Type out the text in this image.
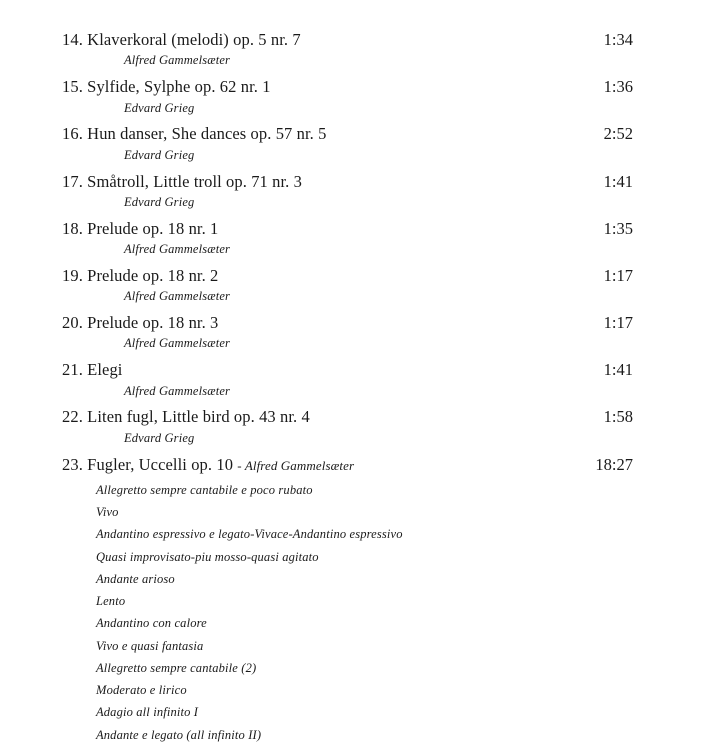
14. Klaverkoral (melodi) op. 5 nr. 7	1:34
Alfred Gammelsæter
15. Sylfide, Sylphe op. 62 nr. 1	1:36
Edvard Grieg
16. Hun danser, She dances op. 57 nr. 5	2:52
Edvard Grieg
17. Småtroll, Little troll op. 71 nr. 3	1:41
Edvard Grieg
18. Prelude op. 18 nr. 1	1:35
Alfred Gammelsæter
19. Prelude op. 18 nr. 2	1:17
Alfred Gammelsæter
20. Prelude op. 18 nr. 3	1:17
Alfred Gammelsæter
21. Elegi	1:41
Alfred Gammelsæter
22. Liten fugl, Little bird op. 43 nr. 4	1:58
Edvard Grieg
23. Fugler, Uccelli op. 10 - Alfred Gammelsæter	18:27
Allegretto sempre cantabile e poco rubato
Vivo
Andantino espressivo e legato-Vivace-Andantino espressivo
Quasi improvisato-piu mosso-quasi agitato
Andante arioso
Lento
Andantino con calore
Vivo e quasi fantasia
Allegretto sempre cantabile (2)
Moderato e lirico
Adagio all infinito I
Andante e legato (all infinito II)
